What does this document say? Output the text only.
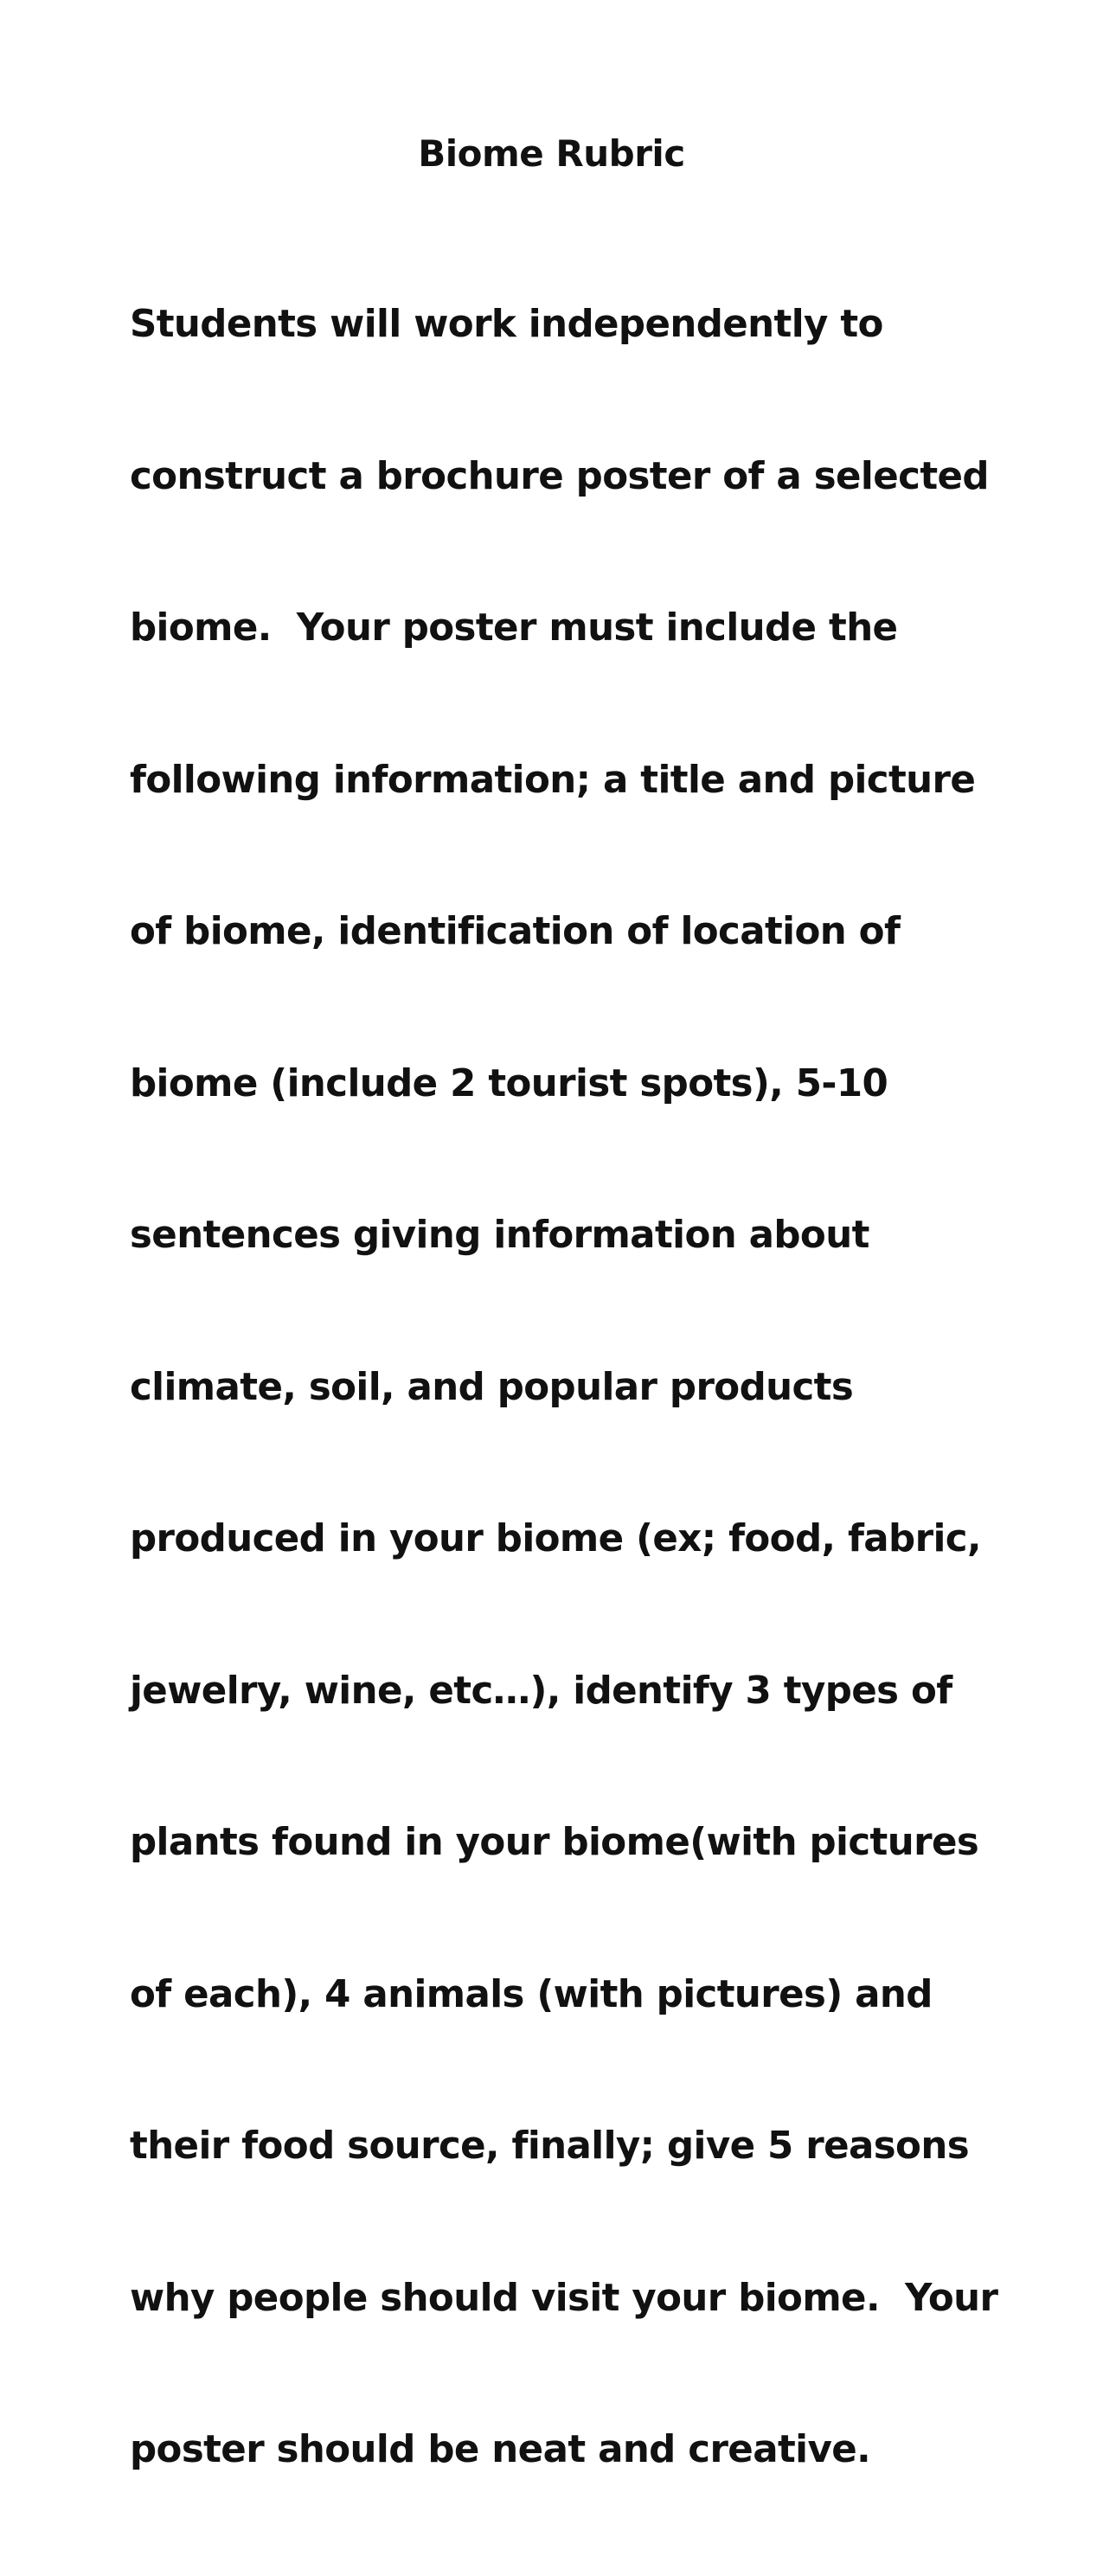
Biome Rubric

Students will work independently to

construct a brochure poster of a selected

biome.  Your poster must include the

following information; a title and picture

of biome, identification of location of

biome (include 2 tourist spots), 5-10

sentences giving information about

climate, soil, and popular products

produced in your biome (ex; food, fabric,

jewelry, wine, etc…), identify 3 types of

plants found in your biome(with pictures

of each), 4 animals (with pictures) and

their food source, finally; give 5 reasons

why people should visit your biome.  Your

poster should be neat and creative.
